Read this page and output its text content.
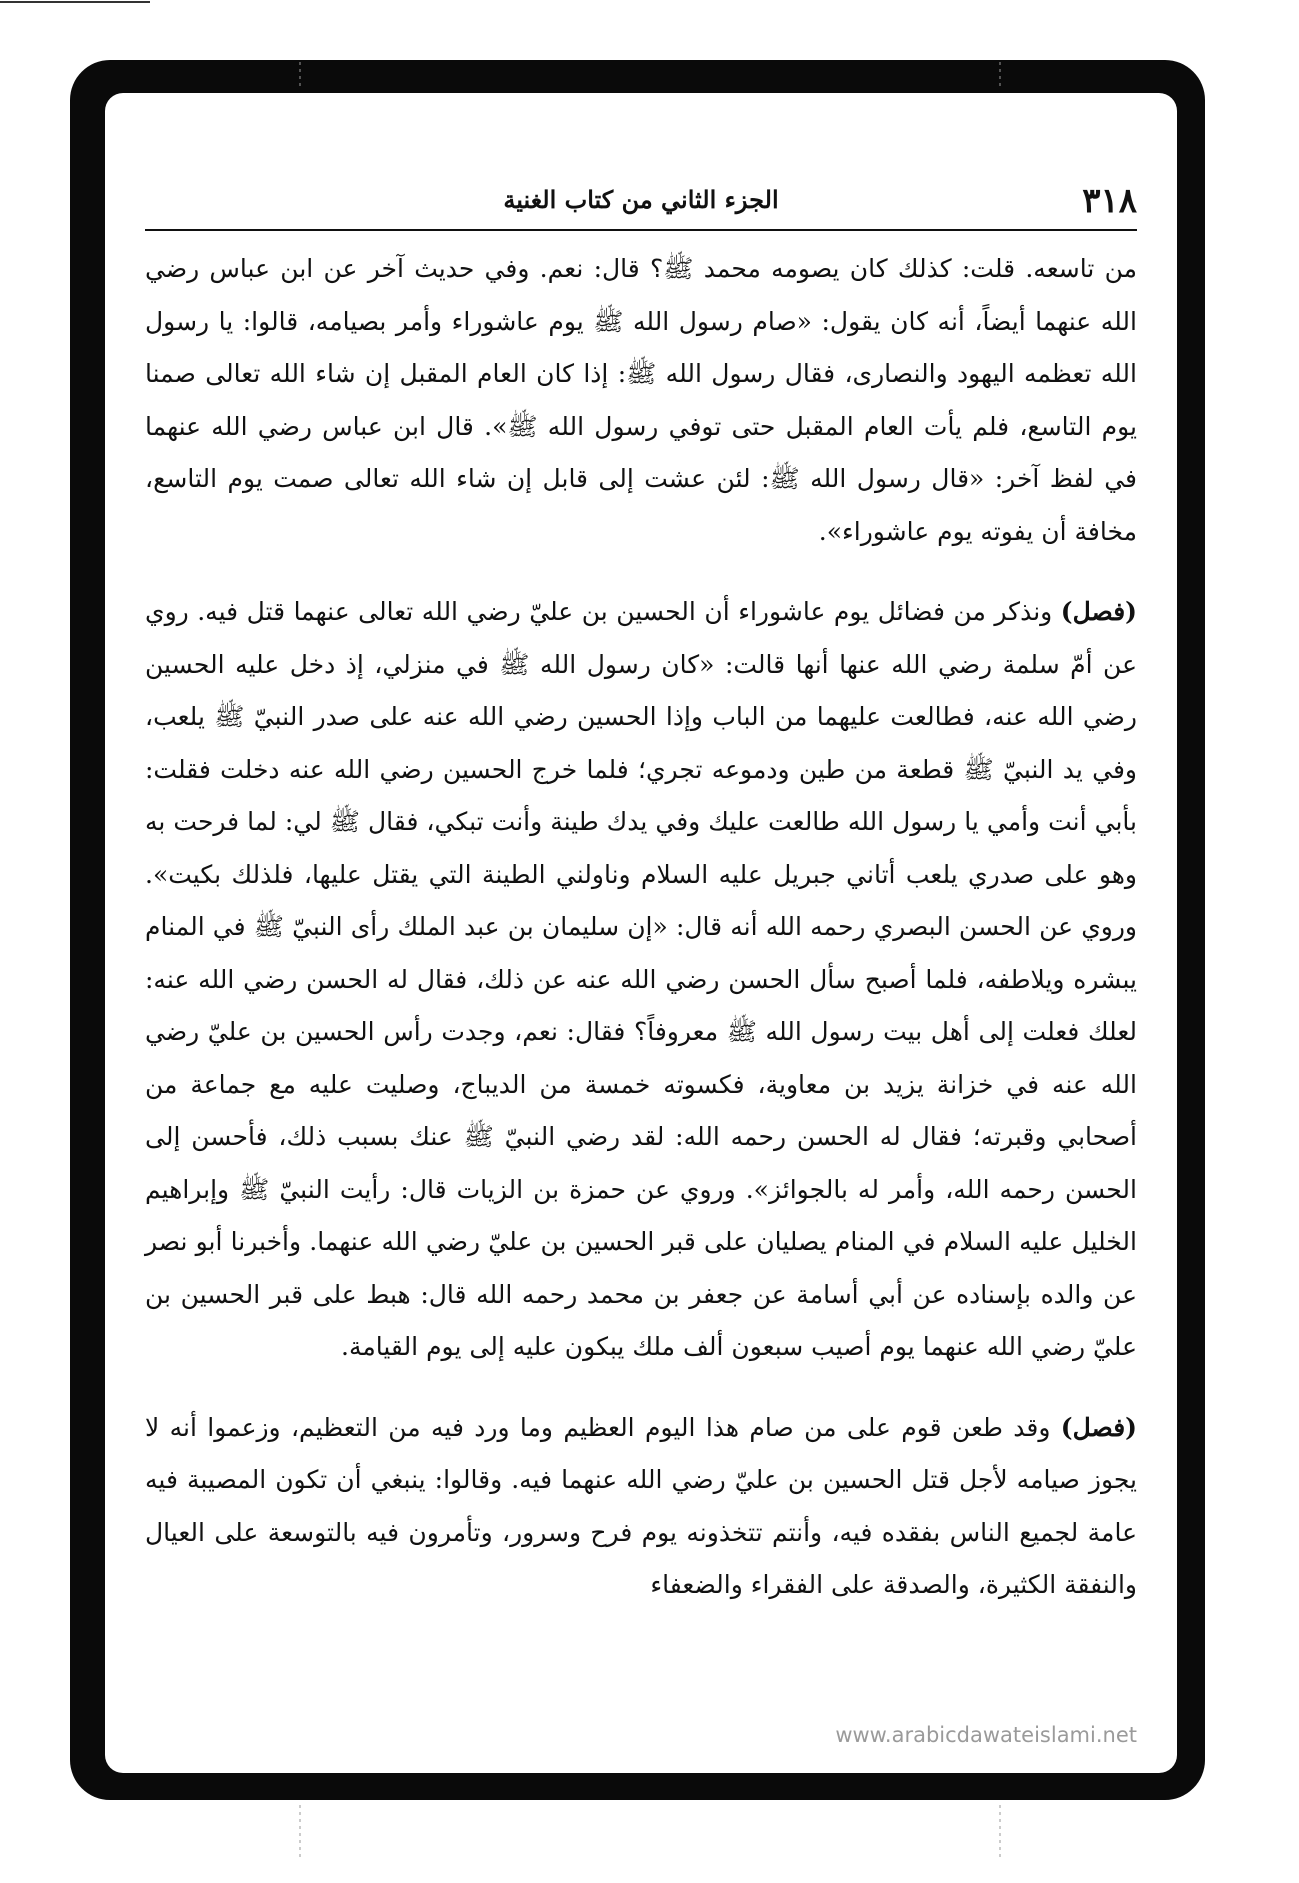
٣١٨
الجزء الثاني من كتاب الغنية

من تاسعه. قلت: كذلك كان يصومه محمد ﷺ؟ قال: نعم. وفي حديث آخر عن ابن عباس رضي الله عنهما أيضاً، أنه كان يقول: «صام رسول الله ﷺ يوم عاشوراء وأمر بصيامه، قالوا: يا رسول الله تعظمه اليهود والنصارى، فقال رسول الله ﷺ: إذا كان العام المقبل إن شاء الله تعالى صمنا يوم التاسع، فلم يأت العام المقبل حتى توفي رسول الله ﷺ». قال ابن عباس رضي الله عنهما في لفظ آخر: «قال رسول الله ﷺ: لئن عشت إلى قابل إن شاء الله تعالى صمت يوم التاسع، مخافة أن يفوته يوم عاشوراء».

(فصل) ونذكر من فضائل يوم عاشوراء أن الحسين بن عليّ رضي الله تعالى عنهما قتل فيه. روي عن أمّ سلمة رضي الله عنها أنها قالت: «كان رسول الله ﷺ في منزلي، إذ دخل عليه الحسين رضي الله عنه، فطالعت عليهما من الباب وإذا الحسين رضي الله عنه على صدر النبيّ ﷺ يلعب، وفي يد النبيّ ﷺ قطعة من طين ودموعه تجري؛ فلما خرج الحسين رضي الله عنه دخلت فقلت: بأبي أنت وأمي يا رسول الله طالعت عليك وفي يدك طينة وأنت تبكي، فقال ﷺ لي: لما فرحت به وهو على صدري يلعب أتاني جبريل عليه السلام وناولني الطينة التي يقتل عليها، فلذلك بكيت». وروي عن الحسن البصري رحمه الله أنه قال: «إن سليمان بن عبد الملك رأى النبيّ ﷺ في المنام يبشره ويلاطفه، فلما أصبح سأل الحسن رضي الله عنه عن ذلك، فقال له الحسن رضي الله عنه: لعلك فعلت إلى أهل بيت رسول الله ﷺ معروفاً؟ فقال: نعم، وجدت رأس الحسين بن عليّ رضي الله عنه في خزانة يزيد بن معاوية، فكسوته خمسة من الديباج، وصليت عليه مع جماعة من أصحابي وقبرته؛ فقال له الحسن رحمه الله: لقد رضي النبيّ ﷺ عنك بسبب ذلك، فأحسن إلى الحسن رحمه الله، وأمر له بالجوائز». وروي عن حمزة بن الزيات قال: رأيت النبيّ ﷺ وإبراهيم الخليل عليه السلام في المنام يصليان على قبر الحسين بن عليّ رضي الله عنهما. وأخبرنا أبو نصر عن والده بإسناده عن أبي أسامة عن جعفر بن محمد رحمه الله قال: هبط على قبر الحسين بن عليّ رضي الله عنهما يوم أصيب سبعون ألف ملك يبكون عليه إلى يوم القيامة.

(فصل) وقد طعن قوم على من صام هذا اليوم العظيم وما ورد فيه من التعظيم، وزعموا أنه لا يجوز صيامه لأجل قتل الحسين بن عليّ رضي الله عنهما فيه. وقالوا: ينبغي أن تكون المصيبة فيه عامة لجميع الناس بفقده فيه، وأنتم تتخذونه يوم فرح وسرور، وتأمرون فيه بالتوسعة على العيال والنفقة الكثيرة، والصدقة على الفقراء والضعفاء

www.arabicdawateislami.net
